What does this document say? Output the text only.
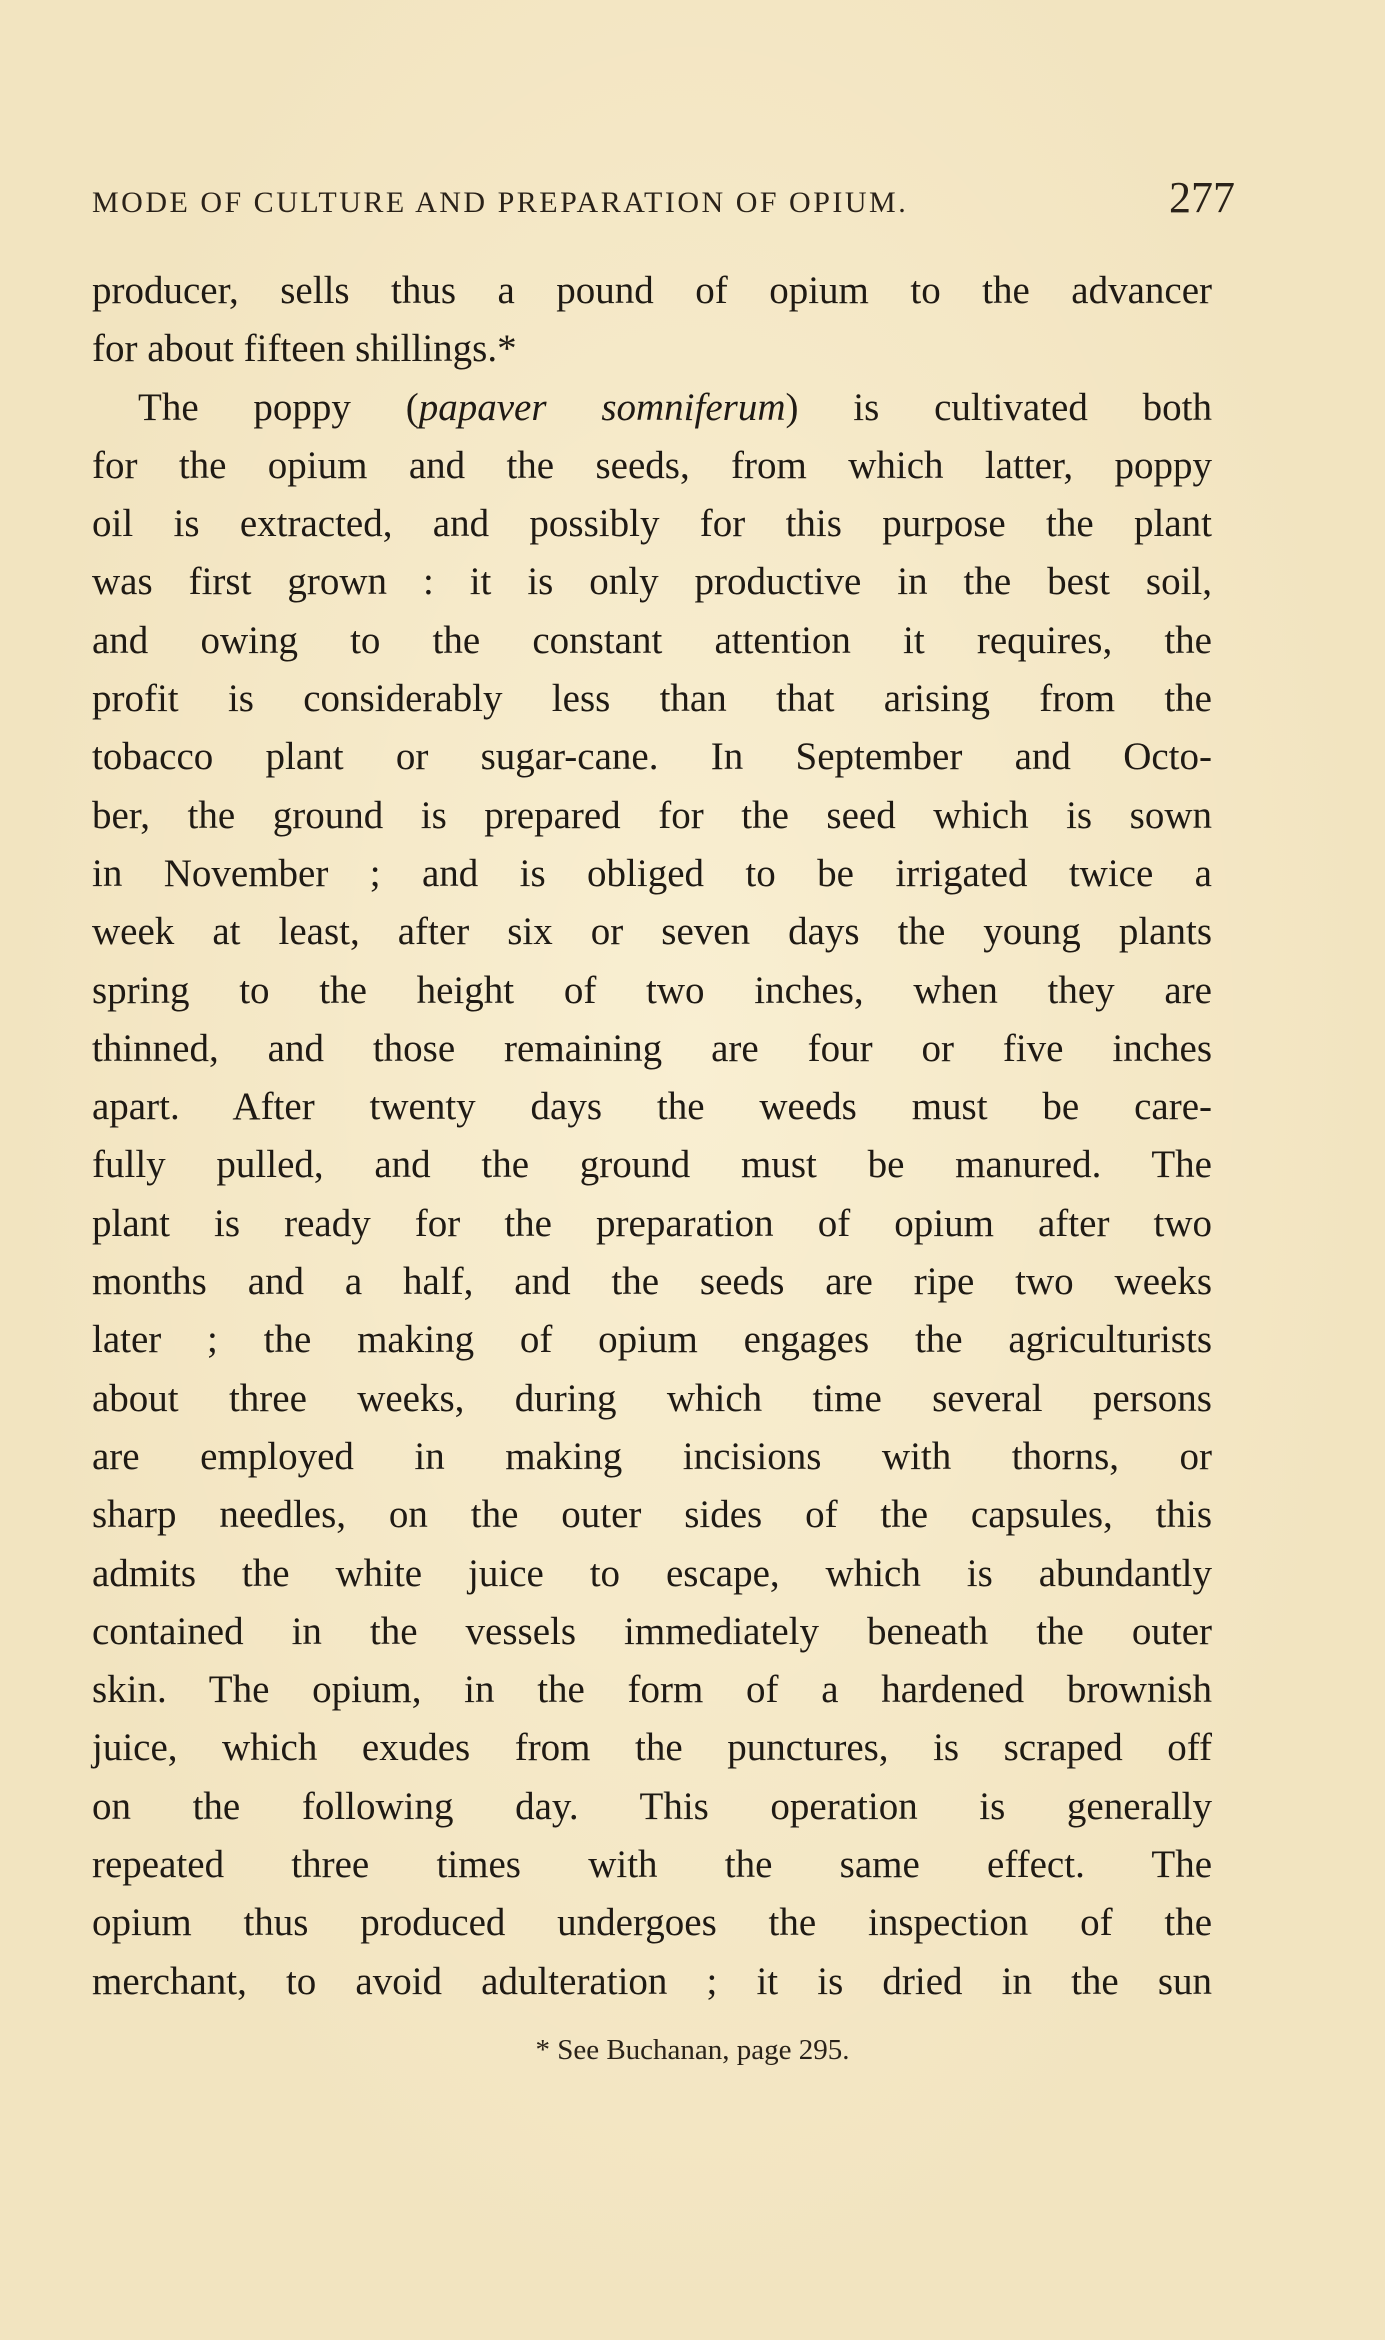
MODE OF CULTURE AND PREPARATION OF OPIUM.	277
producer, sells thus a pound of opium to the advancer
for about fifteen shillings.*
The poppy (papaver somniferum) is cultivated both
for the opium and the seeds, from which latter, poppy
oil is extracted, and possibly for this purpose the plant
was first grown : it is only productive in the best soil,
and owing to the constant attention it requires, the
profit is considerably less than that arising from the
tobacco plant or sugar-cane. In September and Octo-
ber, the ground is prepared for the seed which is sown
in November ; and is obliged to be irrigated twice a
week at least, after six or seven days the young plants
spring to the height of two inches, when they are
thinned, and those remaining are four or five inches
apart. After twenty days the weeds must be care-
fully pulled, and the ground must be manured. The
plant is ready for the preparation of opium after two
months and a half, and the seeds are ripe two weeks
later ; the making of opium engages the agriculturists
about three weeks, during which time several persons
are employed in making incisions with thorns, or
sharp needles, on the outer sides of the capsules, this
admits the white juice to escape, which is abundantly
contained in the vessels immediately beneath the outer
skin. The opium, in the form of a hardened brownish
juice, which exudes from the punctures, is scraped off
on the following day. This operation is generally
repeated three times with the same effect. The
opium thus produced undergoes the inspection of the
merchant, to avoid adulteration ; it is dried in the sun
* See Buchanan, page 295.
